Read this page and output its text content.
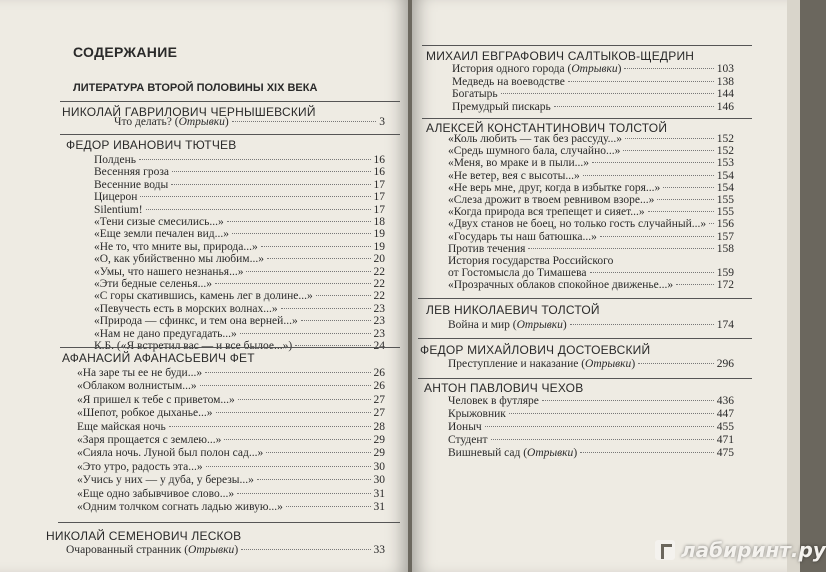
СОДЕРЖАНИЕ
ЛИТЕРАТУРА ВТОРОЙ ПОЛОВИНЫ XIX ВЕКА
НИКОЛАЙ ГАВРИЛОВИЧ ЧЕРНЫШЕВСКИЙ
Что делать? (Отрывки)	3
ФЕДОР ИВАНОВИЧ ТЮТЧЕВ
Полдень	16
Весенняя гроза	16
Весенние воды	17
Цицерон	17
Silentium!	17
«Тени сизые смесились...»	18
«Еще земли печален вид...»	19
«Не то, что мните вы, природа...»	19
«О, как убийственно мы любим...»	20
«Умы, что нашего незнанья...»	22
«Эти бедные селенья...»	22
«С горы скатившись, камень лег в долине...»	22
«Певучесть есть в морских волнах...»	23
«Природа — сфинкс, и тем она верней...»	23
«Нам не дано предугадать...»	23
К.Б. («Я встретил вас — и все былое...»)	24
АФАНАСИЙ АФАНАСЬЕВИЧ ФЕТ
«На заре ты ее не буди...»	26
«Облаком волнистым...»	26
«Я пришел к тебе с приветом...»	27
«Шепот, робкое дыханье...»	27
Еще майская ночь	28
«Заря прощается с землею...»	29
«Сияла ночь. Луной был полон сад...»	29
«Это утро, радость эта...»	30
«Учись у них — у дуба, у березы...»	30
«Еще одно забывчивое слово...»	31
«Одним толчком согнать ладью живую...»	31
НИКОЛАЙ СЕМЕНОВИЧ ЛЕСКОВ
Очарованный странник (Отрывки)	33
МИХАИЛ ЕВГРАФОВИЧ САЛТЫКОВ-ЩЕДРИН
История одного города (Отрывки)	103
Медведь на воеводстве	138
Богатырь	144
Премудрый пискарь	146
АЛЕКСЕЙ КОНСТАНТИНОВИЧ ТОЛСТОЙ
«Коль любить — так без рассуду...»	152
«Средь шумного бала, случайно...»	152
«Меня, во мраке и в пыли...»	153
«Не ветер, вея с высоты...»	154
«Не верь мне, друг, когда в избытке горя...»	154
«Слеза дрожит в твоем ревнивом взоре...»	155
«Когда природа вся трепещет и сияет...»	155
«Двух станов не боец, но только гость случайный...» 156
«Государь ты наш батюшка...»	157
Против течения	158
История государства Российского
от Гостомысла до Тимашева	159
«Прозрачных облаков спокойное движенье...»	172
ЛЕВ НИКОЛАЕВИЧ ТОЛСТОЙ
Война и мир (Отрывки)	174
ФЕДОР МИХАЙЛОВИЧ ДОСТОЕВСКИЙ
Преступление и наказание (Отрывки)	296
АНТОН ПАВЛОВИЧ ЧЕХОВ
Человек в футляре	436
Крыжовник	447
Ионыч	455
Студент	471
Вишневый сад (Отрывки)	475
лабиринт.ру
